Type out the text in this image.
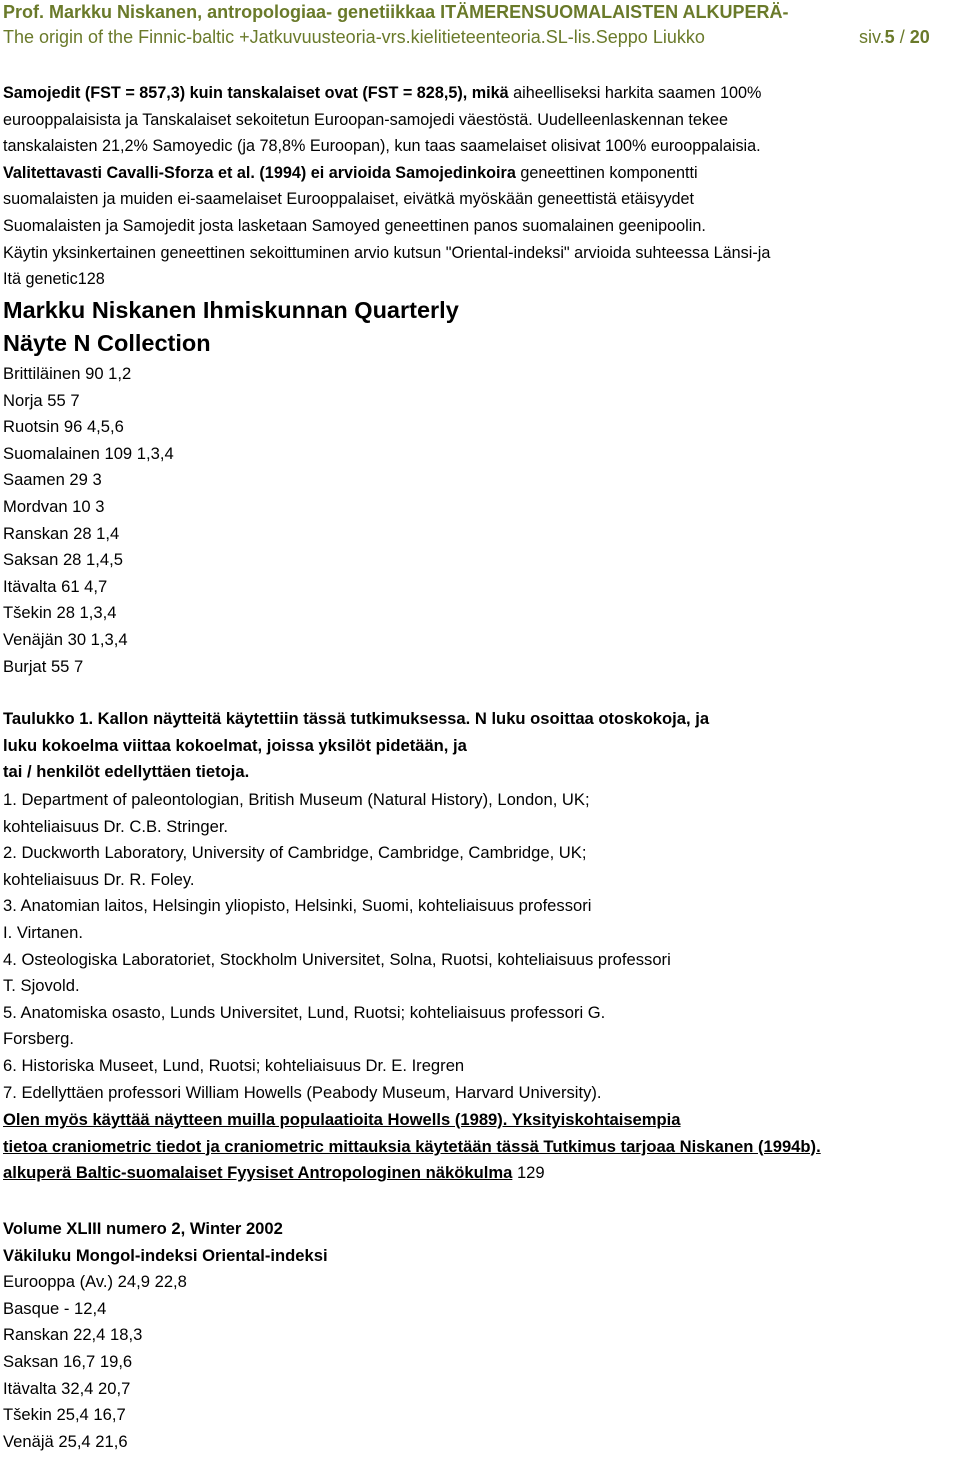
Prof. Markku Niskanen, antropologiaa- genetiikkaa ITÄMERENSUOMALAISTEN ALKUPERÄ-
The origin of the Finnic-baltic +Jatkuvuusteoria-vrs.kielitieteenteoria.SL-lis.Seppo Liukko	siv.5 / 20
Samojedit (FST = 857,3) kuin tanskalaiset ovat (FST = 828,5), mikä aiheelliseksi harkita saamen 100%
eurooppalaisista ja Tanskalaiset sekoitetun Euroopan-samojedi väestöstä. Uudelleenlaskennan tekee
tanskalaisten 21,2% Samoyedic (ja 78,8% Euroopan), kun taas saamelaiset olisivat 100% eurooppalaisia.
Valitettavasti Cavalli-Sforza et al. (1994) ei arvioida Samojedinkoira geneettinen komponentti
suomalaisten ja muiden ei-saamelaiset Eurooppalaiset, eivätkä myöskään geneettistä etäisyydet
Suomalaisten ja Samojedit josta lasketaan Samoyed geneettinen panos suomalainen geenipoolin.
Käytin yksinkertainen geneettinen sekoittuminen arvio kutsun "Oriental-indeksi" arvioida suhteessa Länsi-ja
Itä genetic128
Markku Niskanen Ihmiskunnan Quarterly
Näyte N Collection
Brittiläinen 90 1,2
Norja 55 7
Ruotsin 96 4,5,6
Suomalainen 109 1,3,4
Saamen 29 3
Mordvan 10 3
Ranskan 28 1,4
Saksan 28 1,4,5
Itävalta 61 4,7
Tšekin 28 1,3,4
Venäjän 30 1,3,4
Burjat 55 7
Taulukko 1. Kallon näytteitä käytettiin tässä tutkimuksessa. N luku osoittaa otoskokoja, ja
luku kokoelma viittaa kokoelmat, joissa yksilöt pidetään, ja
tai / henkilöt edellyttäen tietoja.
1. Department of paleontologian, British Museum (Natural History), London, UK;
kohteliaisuus Dr. C.B. Stringer.
2. Duckworth Laboratory, University of Cambridge, Cambridge, Cambridge, UK;
kohteliaisuus Dr. R. Foley.
3. Anatomian laitos, Helsingin yliopisto, Helsinki, Suomi, kohteliaisuus professori
I. Virtanen.
4. Osteologiska Laboratoriet, Stockholm Universitet, Solna, Ruotsi, kohteliaisuus professori
T. Sjovold.
5. Anatomiska osasto, Lunds Universitet, Lund, Ruotsi; kohteliaisuus professori G.
Forsberg.
6. Historiska Museet, Lund, Ruotsi; kohteliaisuus Dr. E. Iregren
7. Edellyttäen professori William Howells (Peabody Museum, Harvard University).
Olen myös käyttää näytteen muilla populaatioita Howells (1989). Yksityiskohtaisempia
tietoa craniometric tiedot ja craniometric mittauksia käytetään tässä Tutkimus tarjoaa Niskanen (1994b).
alkuperä Baltic-suomalaiset Fyysiset Antropologinen näkökulma 129
Volume XLIII numero 2, Winter 2002
Väkiluku Mongol-indeksi Oriental-indeksi
Eurooppa (Av.) 24,9 22,8
Basque - 12,4
Ranskan 22,4 18,3
Saksan 16,7 19,6
Itävalta 32,4 20,7
Tšekin 25,4 16,7
Venäjä 25,4 21,6
